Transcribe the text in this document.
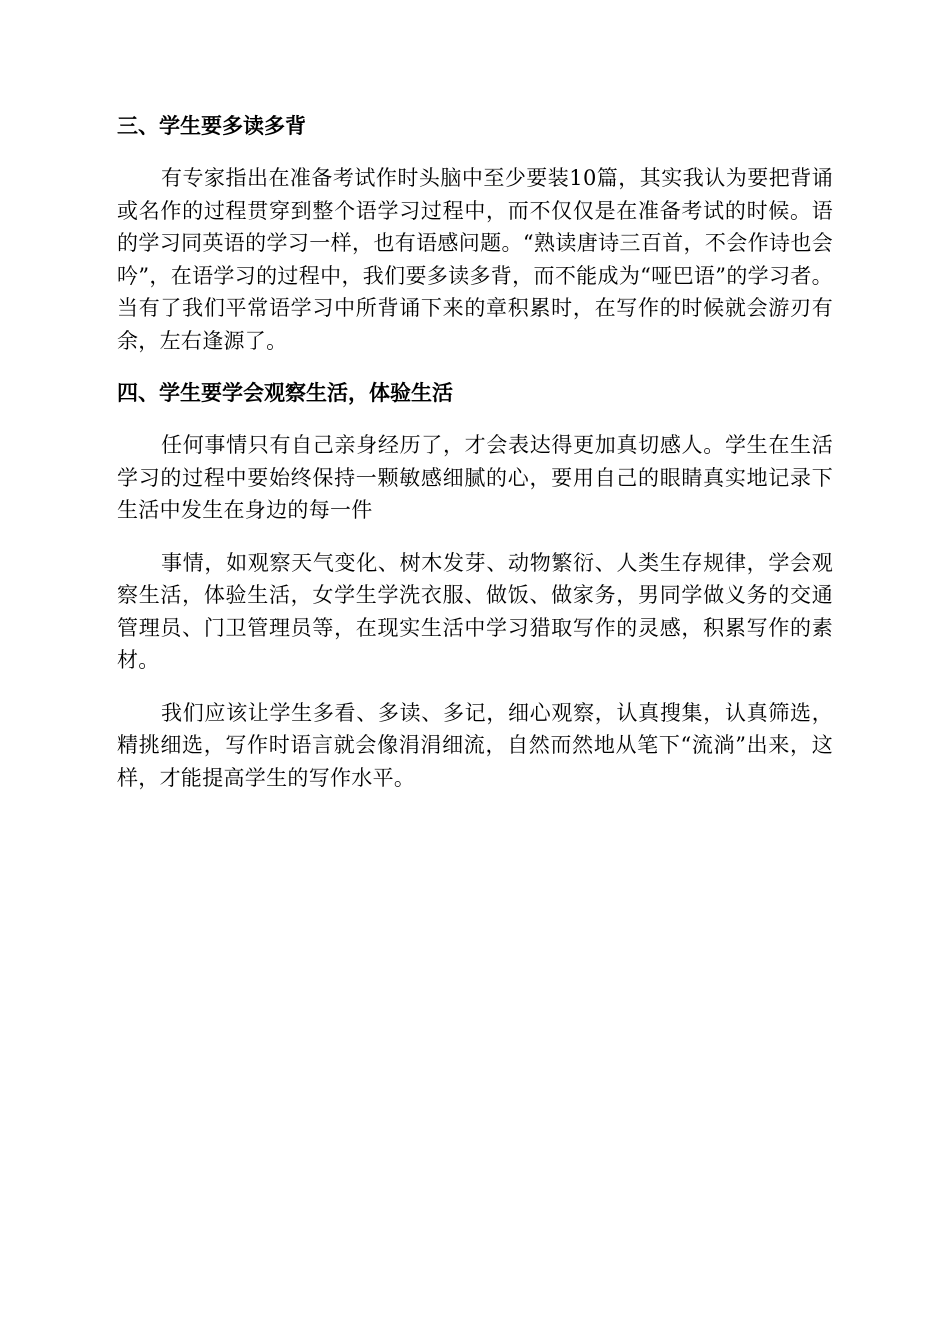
三、学生要多读多背

有专家指出在准备考试作时头脑中至少要装10篇，其实我认为要把背诵或名作的过程贯穿到整个语学习过程中，而不仅仅是在准备考试的时候。语的学习同英语的学习一样，也有语感问题。“熟读唐诗三百首，不会作诗也会吟”，在语学习的过程中，我们要多读多背，而不能成为“哑巴语”的学习者。当有了我们平常语学习中所背诵下来的章积累时，在写作的时候就会游刃有余，左右逢源了。

四、学生要学会观察生活，体验生活

任何事情只有自己亲身经历了，才会表达得更加真切感人。学生在生活学习的过程中要始终保持一颗敏感细腻的心，要用自己的眼睛真实地记录下生活中发生在身边的每一件

事情，如观察天气变化、树木发芽、动物繁衍、人类生存规律，学会观察生活，体验生活，女学生学洗衣服、做饭、做家务，男同学做义务的交通管理员、门卫管理员等，在现实生活中学习猎取写作的灵感，积累写作的素材。

我们应该让学生多看、多读、多记，细心观察，认真搜集，认真筛选，精挑细选，写作时语言就会像涓涓细流，自然而然地从笔下“流淌”出来，这样，才能提高学生的写作水平。
